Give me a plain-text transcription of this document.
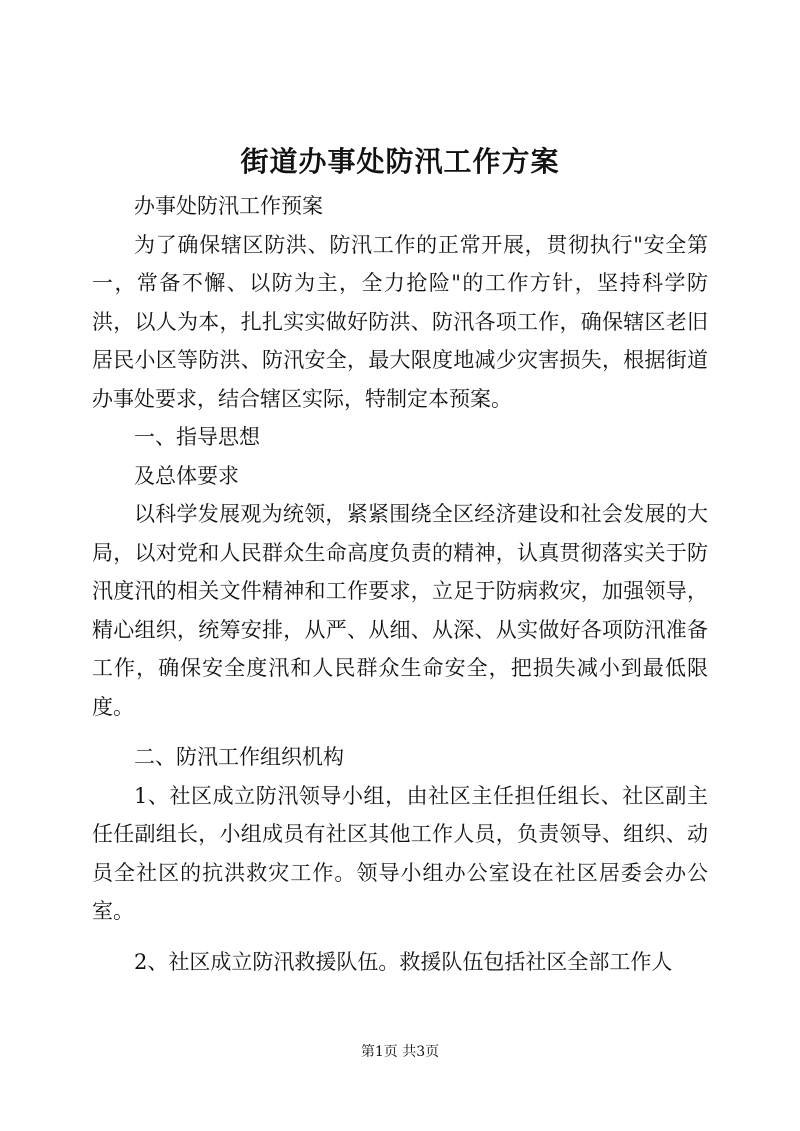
街道办事处防汛工作方案

办事处防汛工作预案

为了确保辖区防洪、防汛工作的正常开展，贯彻执行"安全第一，常备不懈、以防为主，全力抢险"的工作方针，坚持科学防洪，以人为本，扎扎实实做好防洪、防汛各项工作，确保辖区老旧居民小区等防洪、防汛安全，最大限度地减少灾害损失，根据街道办事处要求，结合辖区实际，特制定本预案。

一、指导思想

及总体要求

以科学发展观为统领，紧紧围绕全区经济建设和社会发展的大局，以对党和人民群众生命高度负责的精神，认真贯彻落实关于防汛度汛的相关文件精神和工作要求，立足于防病救灾，加强领导，精心组织，统筹安排，从严、从细、从深、从实做好各项防汛准备工作，确保安全度汛和人民群众生命安全，把损失减小到最低限度。

二、防汛工作组织机构

1、社区成立防汛领导小组，由社区主任担任组长、社区副主任任副组长，小组成员有社区其他工作人员，负责领导、组织、动员全社区的抗洪救灾工作。领导小组办公室设在社区居委会办公室。

2、社区成立防汛救援队伍。救援队伍包括社区全部工作人

第1页 共3页
